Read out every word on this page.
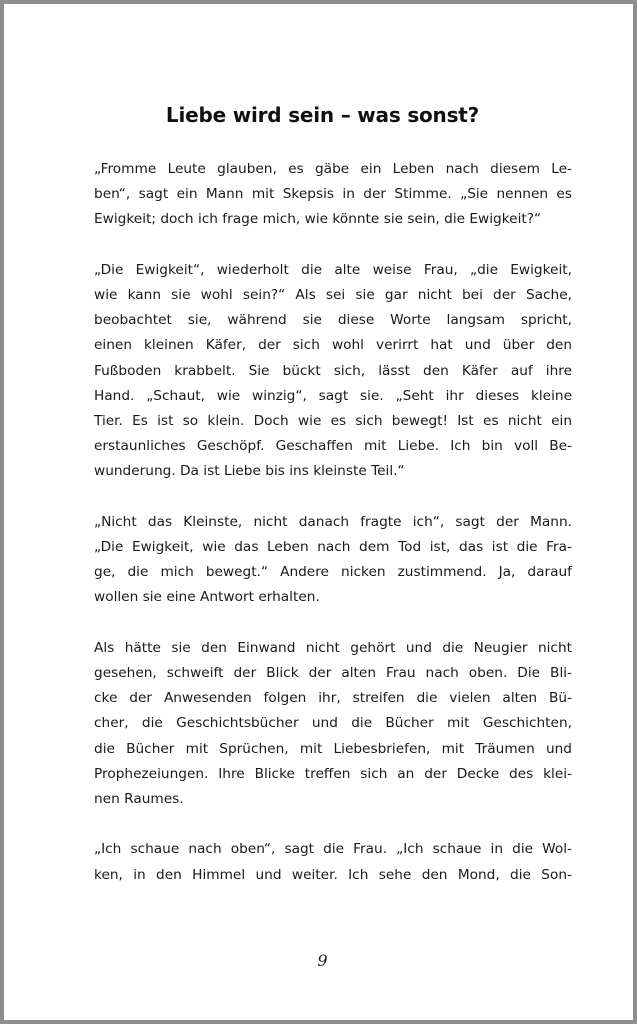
Liebe wird sein – was sonst?

„Fromme Leute glauben, es gäbe ein Leben nach diesem Le-
ben“, sagt ein Mann mit Skepsis in der Stimme. „Sie nennen es
Ewigkeit; doch ich frage mich, wie könnte sie sein, die Ewigkeit?“

„Die Ewigkeit“, wiederholt die alte weise Frau, „die Ewigkeit,
wie kann sie wohl sein?“ Als sei sie gar nicht bei der Sache,
beobachtet sie, während sie diese Worte langsam spricht,
einen kleinen Käfer, der sich wohl verirrt hat und über den
Fußboden krabbelt. Sie bückt sich, lässt den Käfer auf ihre
Hand. „Schaut, wie winzig“, sagt sie. „Seht ihr dieses kleine
Tier. Es ist so klein. Doch wie es sich bewegt! Ist es nicht ein
erstaunliches Geschöpf. Geschaffen mit Liebe. Ich bin voll Be-
wunderung. Da ist Liebe bis ins kleinste Teil.“

„Nicht das Kleinste, nicht danach fragte ich“, sagt der Mann.
„Die Ewigkeit, wie das Leben nach dem Tod ist, das ist die Fra-
ge, die mich bewegt.“ Andere nicken zustimmend. Ja, darauf
wollen sie eine Antwort erhalten.

Als hätte sie den Einwand nicht gehört und die Neugier nicht
gesehen, schweift der Blick der alten Frau nach oben. Die Bli-
cke der Anwesenden folgen ihr, streifen die vielen alten Bü-
cher, die Geschichtsbücher und die Bücher mit Geschichten,
die Bücher mit Sprüchen, mit Liebesbriefen, mit Träumen und
Prophezeiungen. Ihre Blicke treffen sich an der Decke des klei-
nen Raumes.

„Ich schaue nach oben“, sagt die Frau. „Ich schaue in die Wol-
ken, in den Himmel und weiter. Ich sehe den Mond, die Son-

9
